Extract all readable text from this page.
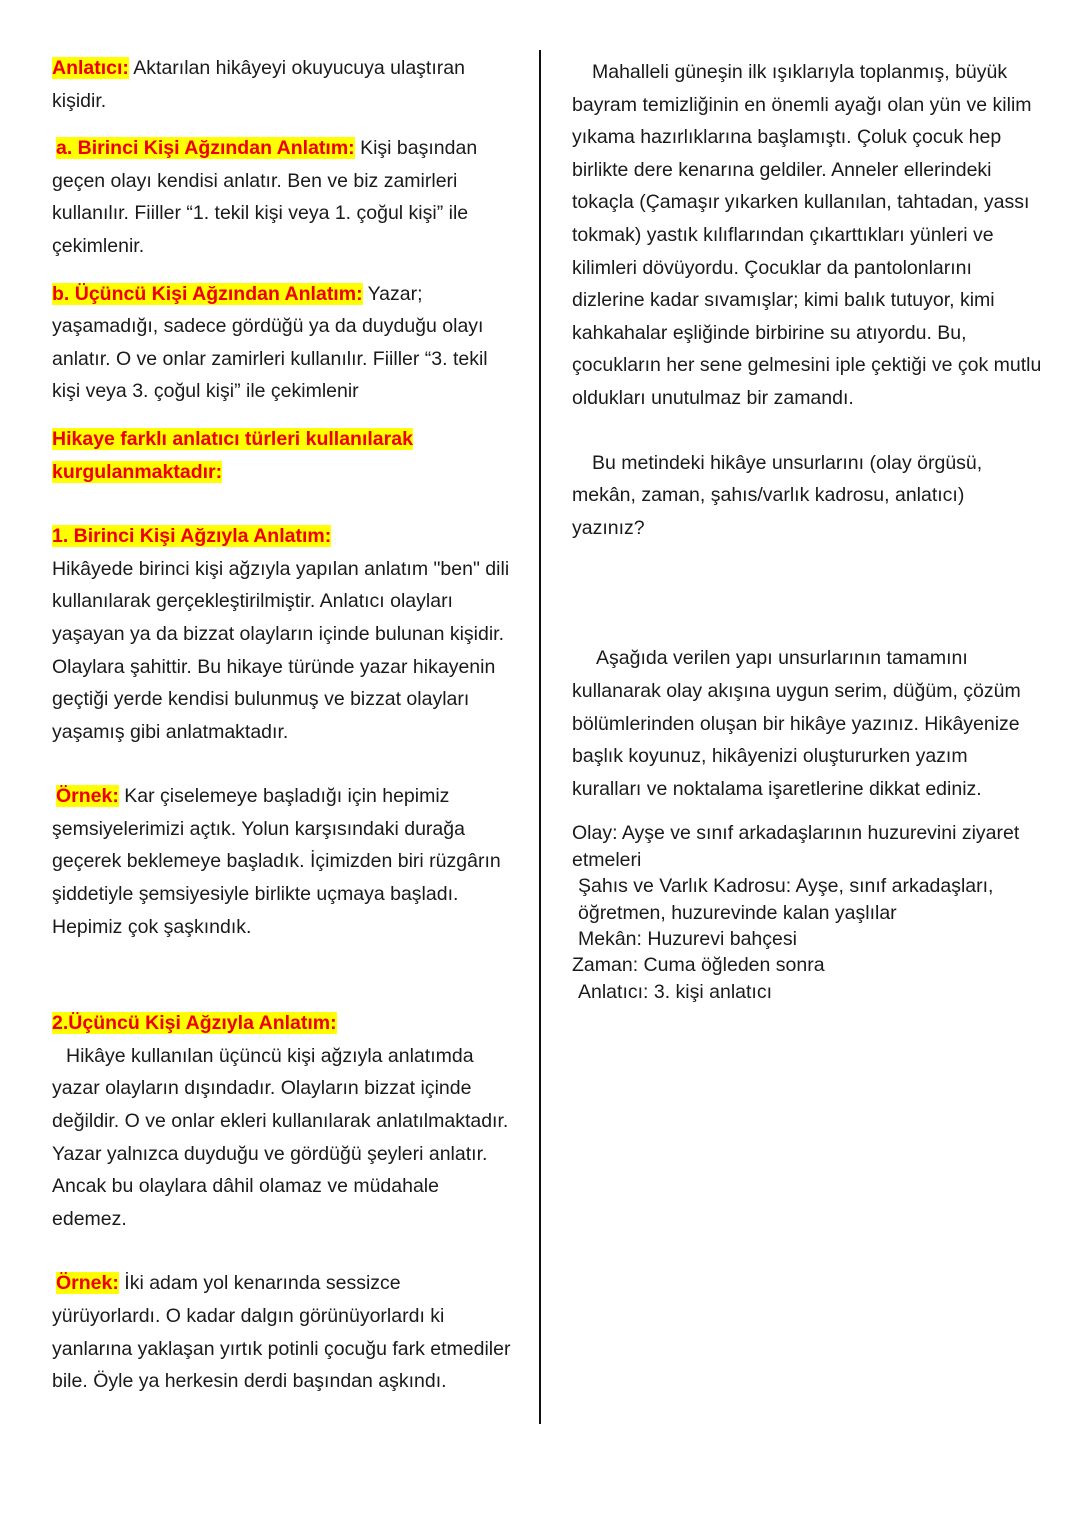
Anlatıcı: Aktarılan hikâyeyi okuyucuya ulaştıran kişidir.

a. Birinci Kişi Ağzından Anlatım: Kişi başından geçen olayı kendisi anlatır. Ben ve biz zamirleri kullanılır. Fiiller “1. tekil kişi veya 1. çoğul kişi” ile çekimlenir.

b. Üçüncü Kişi Ağzından Anlatım: Yazar; yaşamadığı, sadece gördüğü ya da duyduğu olayı anlatır. O ve onlar zamirleri kullanılır. Fiiller “3. tekil kişi veya 3. çoğul kişi” ile çekimlenir

Hikaye farklı anlatıcı türleri kullanılarak kurgulanmaktadır:

1. Birinci Kişi Ağzıyla Anlatım:

Hikâyede birinci kişi ağzıyla yapılan anlatım "ben" dili kullanılarak gerçekleştirilmiştir. Anlatıcı olayları yaşayan ya da bizzat olayların içinde bulunan kişidir. Olaylara şahittir. Bu hikaye türünde yazar hikayenin geçtiği yerde kendisi bulunmuş ve bizzat olayları yaşamış gibi anlatmaktadır.

Örnek: Kar çiselemeye başladığı için hepimiz şemsiyelerimizi açtık. Yolun karşısındaki durağa geçerek beklemeye başladık. İçimizden biri rüzgârın şiddetiyle şemsiyesiyle birlikte uçmaya başladı. Hepimiz çok şaşkındık.

2.Üçüncü Kişi Ağzıyla Anlatım:

Hikâye kullanılan üçüncü kişi ağzıyla anlatımda yazar olayların dışındadır. Olayların bizzat içinde değildir. O ve onlar ekleri kullanılarak anlatılmaktadır. Yazar yalnızca duyduğu ve gördüğü şeyleri anlatır. Ancak bu olaylara dâhil olamaz ve müdahale edemez.

Örnek: İki adam yol kenarında sessizce yürüyorlardı. O kadar dalgın görünüyorlardı ki yanlarına yaklaşan yırtık potinli çocuğu fark etmediler bile. Öyle ya herkesin derdi başından aşkındı.

Mahalleli güneşin ilk ışıklarıyla toplanmış, büyük bayram temizliğinin en önemli ayağı olan yün ve kilim yıkama hazırlıklarına başlamıştı. Çoluk çocuk hep birlikte dere kenarına geldiler. Anneler ellerindeki tokaçla (Çamaşır yıkarken kullanılan, tahtadan, yassı tokmak) yastık kılıflarından çıkarttıkları yünleri ve kilimleri dövüyordu. Çocuklar da pantolonlarını dizlerine kadar sıvamışlar; kimi balık tutuyor, kimi kahkahalar eşliğinde birbirine su atıyordu. Bu, çocukların her sene gelmesini iple çektiği ve çok mutlu oldukları unutulmaz bir zamandı.

Bu metindeki hikâye unsurlarını (olay örgüsü, mekân, zaman, şahıs/varlık kadrosu, anlatıcı) yazınız?

Aşağıda verilen yapı unsurlarının tamamını kullanarak olay akışına uygun serim, düğüm, çözüm bölümlerinden oluşan bir hikâye yazınız. Hikâyenize başlık koyunuz, hikâyenizi oluştururken yazım kuralları ve noktalama işaretlerine dikkat ediniz.

Olay: Ayşe ve sınıf arkadaşlarının huzurevini ziyaret etmeleri

Şahıs ve Varlık Kadrosu: Ayşe, sınıf arkadaşları, öğretmen, huzurevinde kalan yaşlılar

Mekân: Huzurevi bahçesi

Zaman: Cuma öğleden sonra

Anlatıcı: 3. kişi anlatıcı
